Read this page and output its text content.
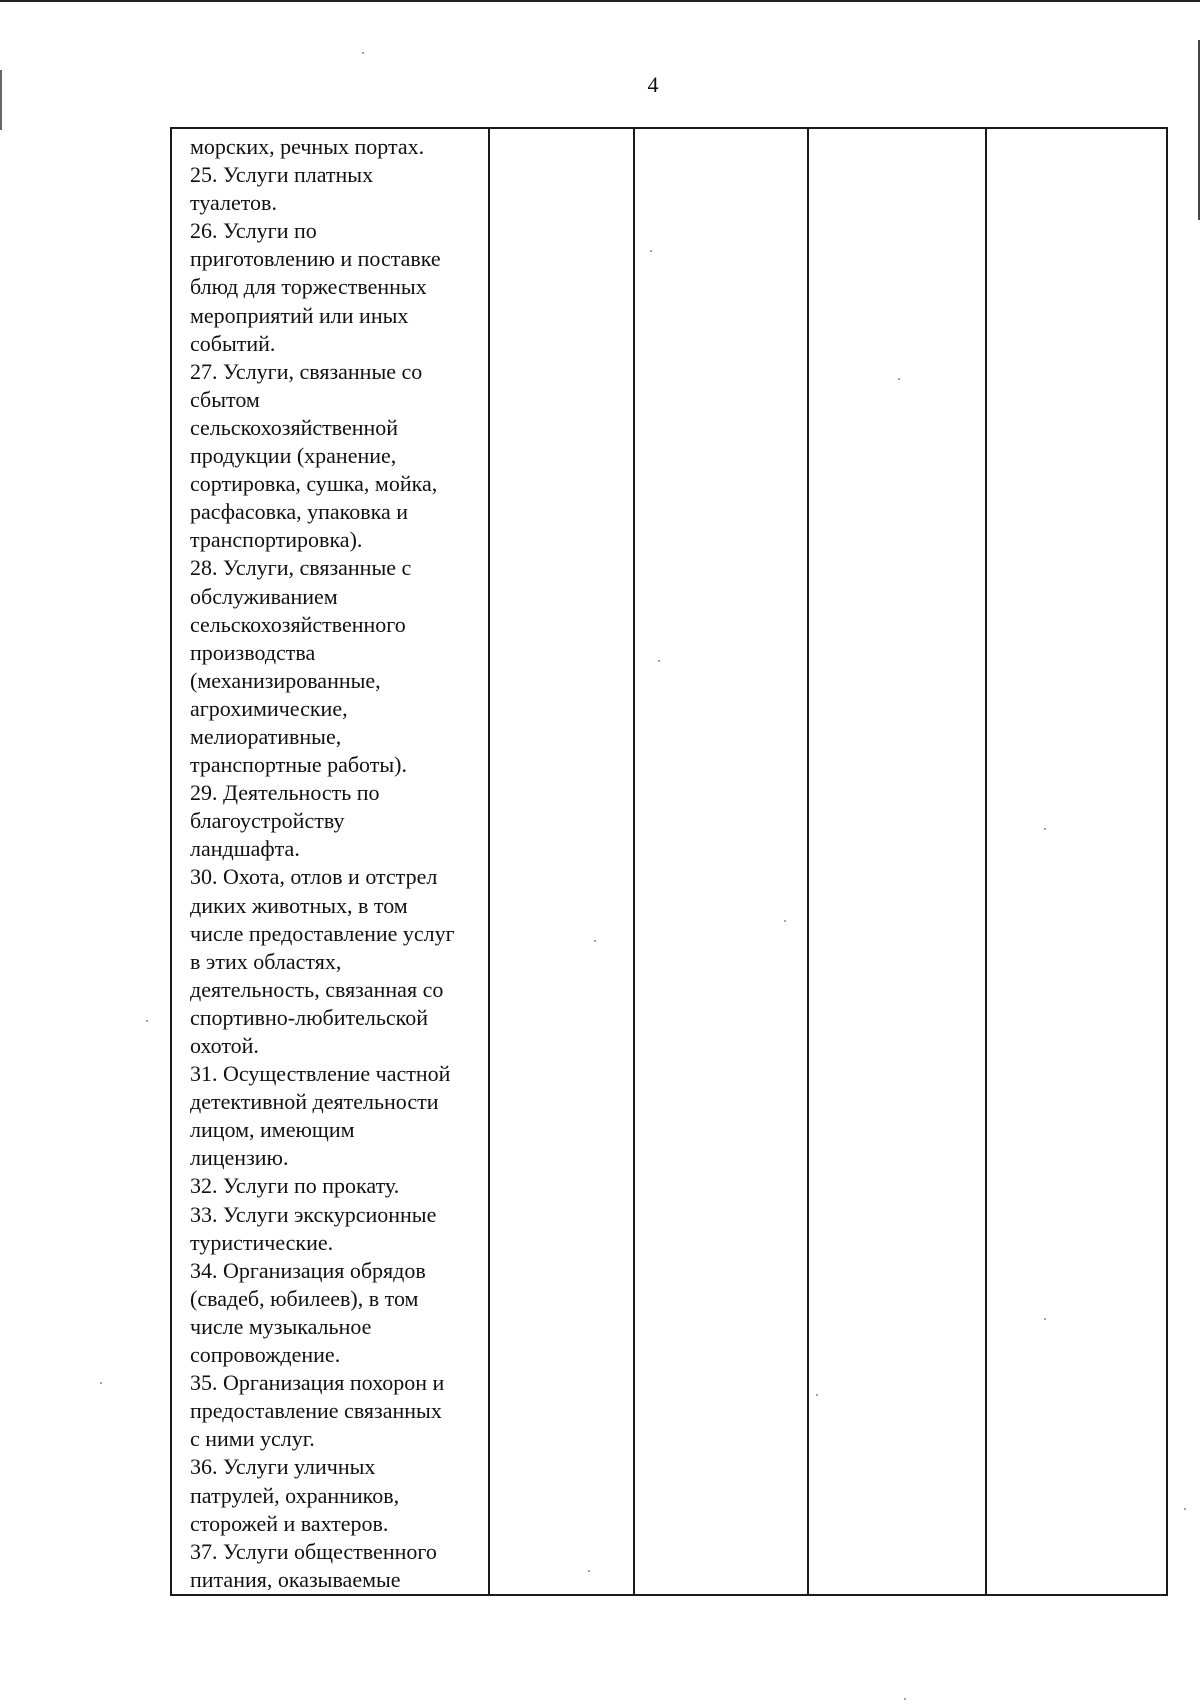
4
морских, речных портах.
25. Услуги платных
туалетов.
26. Услуги по
приготовлению и поставке
блюд для торжественных
мероприятий или иных
событий.
27. Услуги, связанные со
сбытом
сельскохозяйственной
продукции (хранение,
сортировка, сушка, мойка,
расфасовка, упаковка и
транспортировка).
28. Услуги, связанные с
обслуживанием
сельскохозяйственного
производства
(механизированные,
агрохимические,
мелиоративные,
транспортные работы).
29. Деятельность по
благоустройству
ландшафта.
30. Охота, отлов и отстрел
диких животных, в том
числе предоставление услуг
в этих областях,
деятельность, связанная со
спортивно-любительской
охотой.
31. Осуществление частной
детективной деятельности
лицом, имеющим
лицензию.
32. Услуги по прокату.
33. Услуги экскурсионные
туристические.
34. Организация обрядов
(свадеб, юбилеев), в том
числе музыкальное
сопровождение.
35. Организация похорон и
предоставление связанных
с ними услуг.
36. Услуги уличных
патрулей, охранников,
сторожей и вахтеров.
37. Услуги общественного
питания, оказываемые
